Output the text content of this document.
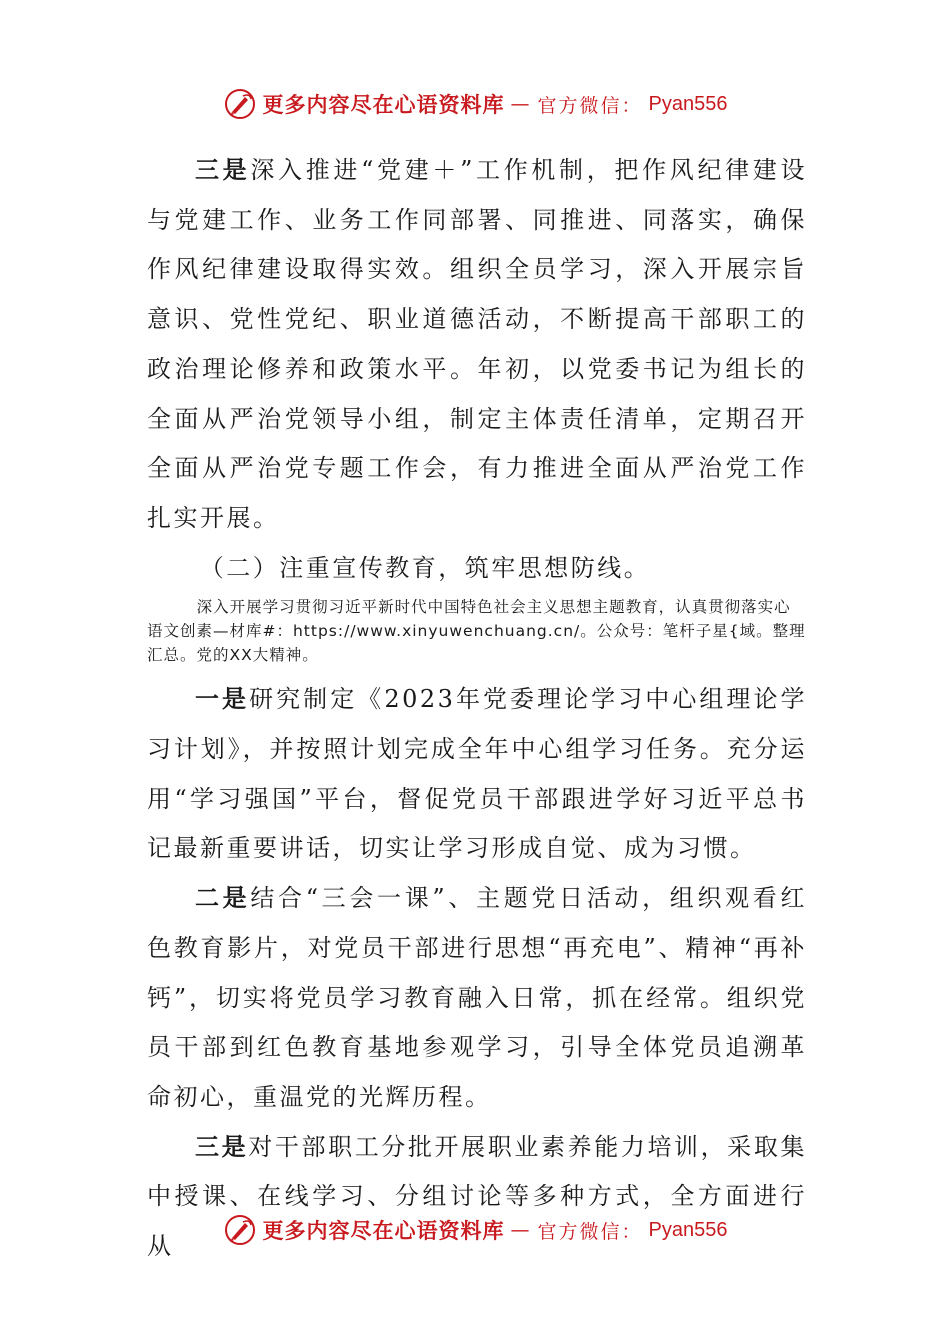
更多内容尽在心语资料库 — 官方微信： Pyan556

三是深入推进“党建＋”工作机制，把作风纪律建设与党建工作、业务工作同部署、同推进、同落实，确保作风纪律建设取得实效。组织全员学习，深入开展宗旨意识、党性党纪、职业道德活动，不断提高干部职工的政治理论修养和政策水平。年初，以党委书记为组长的全面从严治党领导小组，制定主体责任清单，定期召开全面从严治党专题工作会，有力推进全面从严治党工作扎实开展。

（二）注重宣传教育，筑牢思想防线。

深入开展学习贯彻习近平新时代中国特色社会主义思想主题教育，认真贯彻落实心语文创素—材库#：https://www.xinyuwenchuang.cn/。公众号：笔杆子星{域。整理汇总。党的XX大精神。

一是研究制定《2023年党委理论学习中心组理论学习计划》，并按照计划完成全年中心组学习任务。充分运用“学习强国”平台，督促党员干部跟进学好习近平总书记最新重要讲话，切实让学习形成自觉、成为习惯。

二是结合“三会一课”、主题党日活动，组织观看红色教育影片，对党员干部进行思想“再充电”、精神“再补钙”，切实将党员学习教育融入日常，抓在经常。组织党员干部到红色教育基地参观学习，引导全体党员追溯革命初心，重温党的光辉历程。

三是对干部职工分批开展职业素养能力培训，采取集中授课、在线学习、分组讨论等多种方式，全方面进行从

更多内容尽在心语资料库 — 官方微信： Pyan556
